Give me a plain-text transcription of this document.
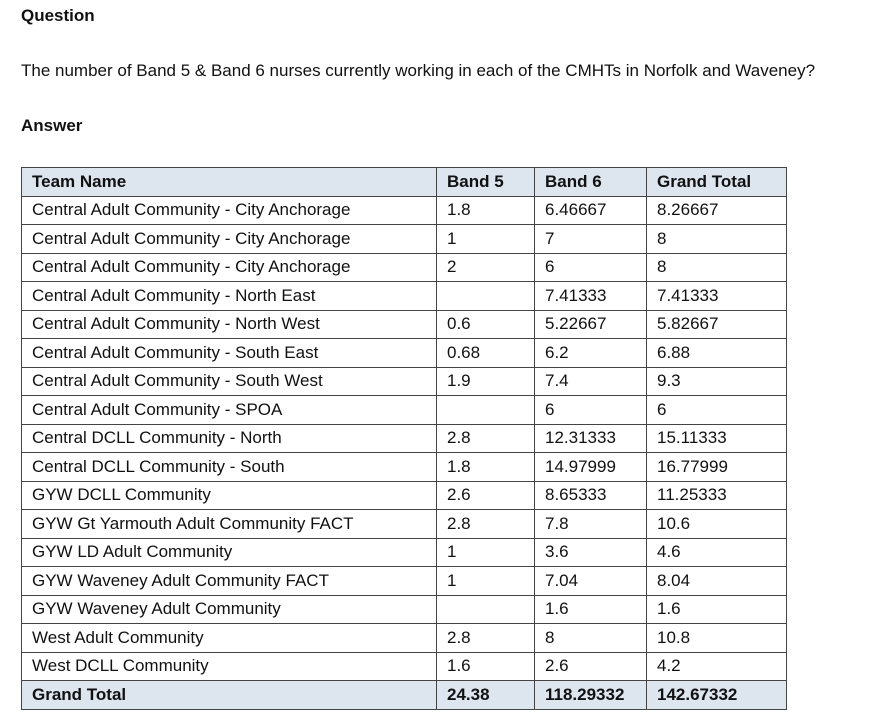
Question

The number of Band 5 & Band 6 nurses currently working in each of the CMHTs in Norfolk and Waveney?

Answer
Team Name	Band 5	Band 6	Grand Total
Central Adult Community - City Anchorage	1.8	6.46667	8.26667
Central Adult Community - City Anchorage	1	7	8
Central Adult Community - City Anchorage	2	6	8
Central Adult Community - North East		7.41333	7.41333
Central Adult Community - North West	0.6	5.22667	5.82667
Central Adult Community - South East	0.68	6.2	6.88
Central Adult Community - South West	1.9	7.4	9.3
Central Adult Community - SPOA		6	6
Central DCLL Community - North	2.8	12.31333	15.11333
Central DCLL Community - South	1.8	14.97999	16.77999
GYW DCLL Community	2.6	8.65333	11.25333
GYW Gt Yarmouth Adult Community FACT	2.8	7.8	10.6
GYW LD Adult Community	1	3.6	4.6
GYW Waveney Adult Community FACT	1	7.04	8.04
GYW Waveney Adult Community		1.6	1.6
West Adult Community	2.8	8	10.8
West DCLL Community	1.6	2.6	4.2
Grand Total	24.38	118.29332	142.67332
